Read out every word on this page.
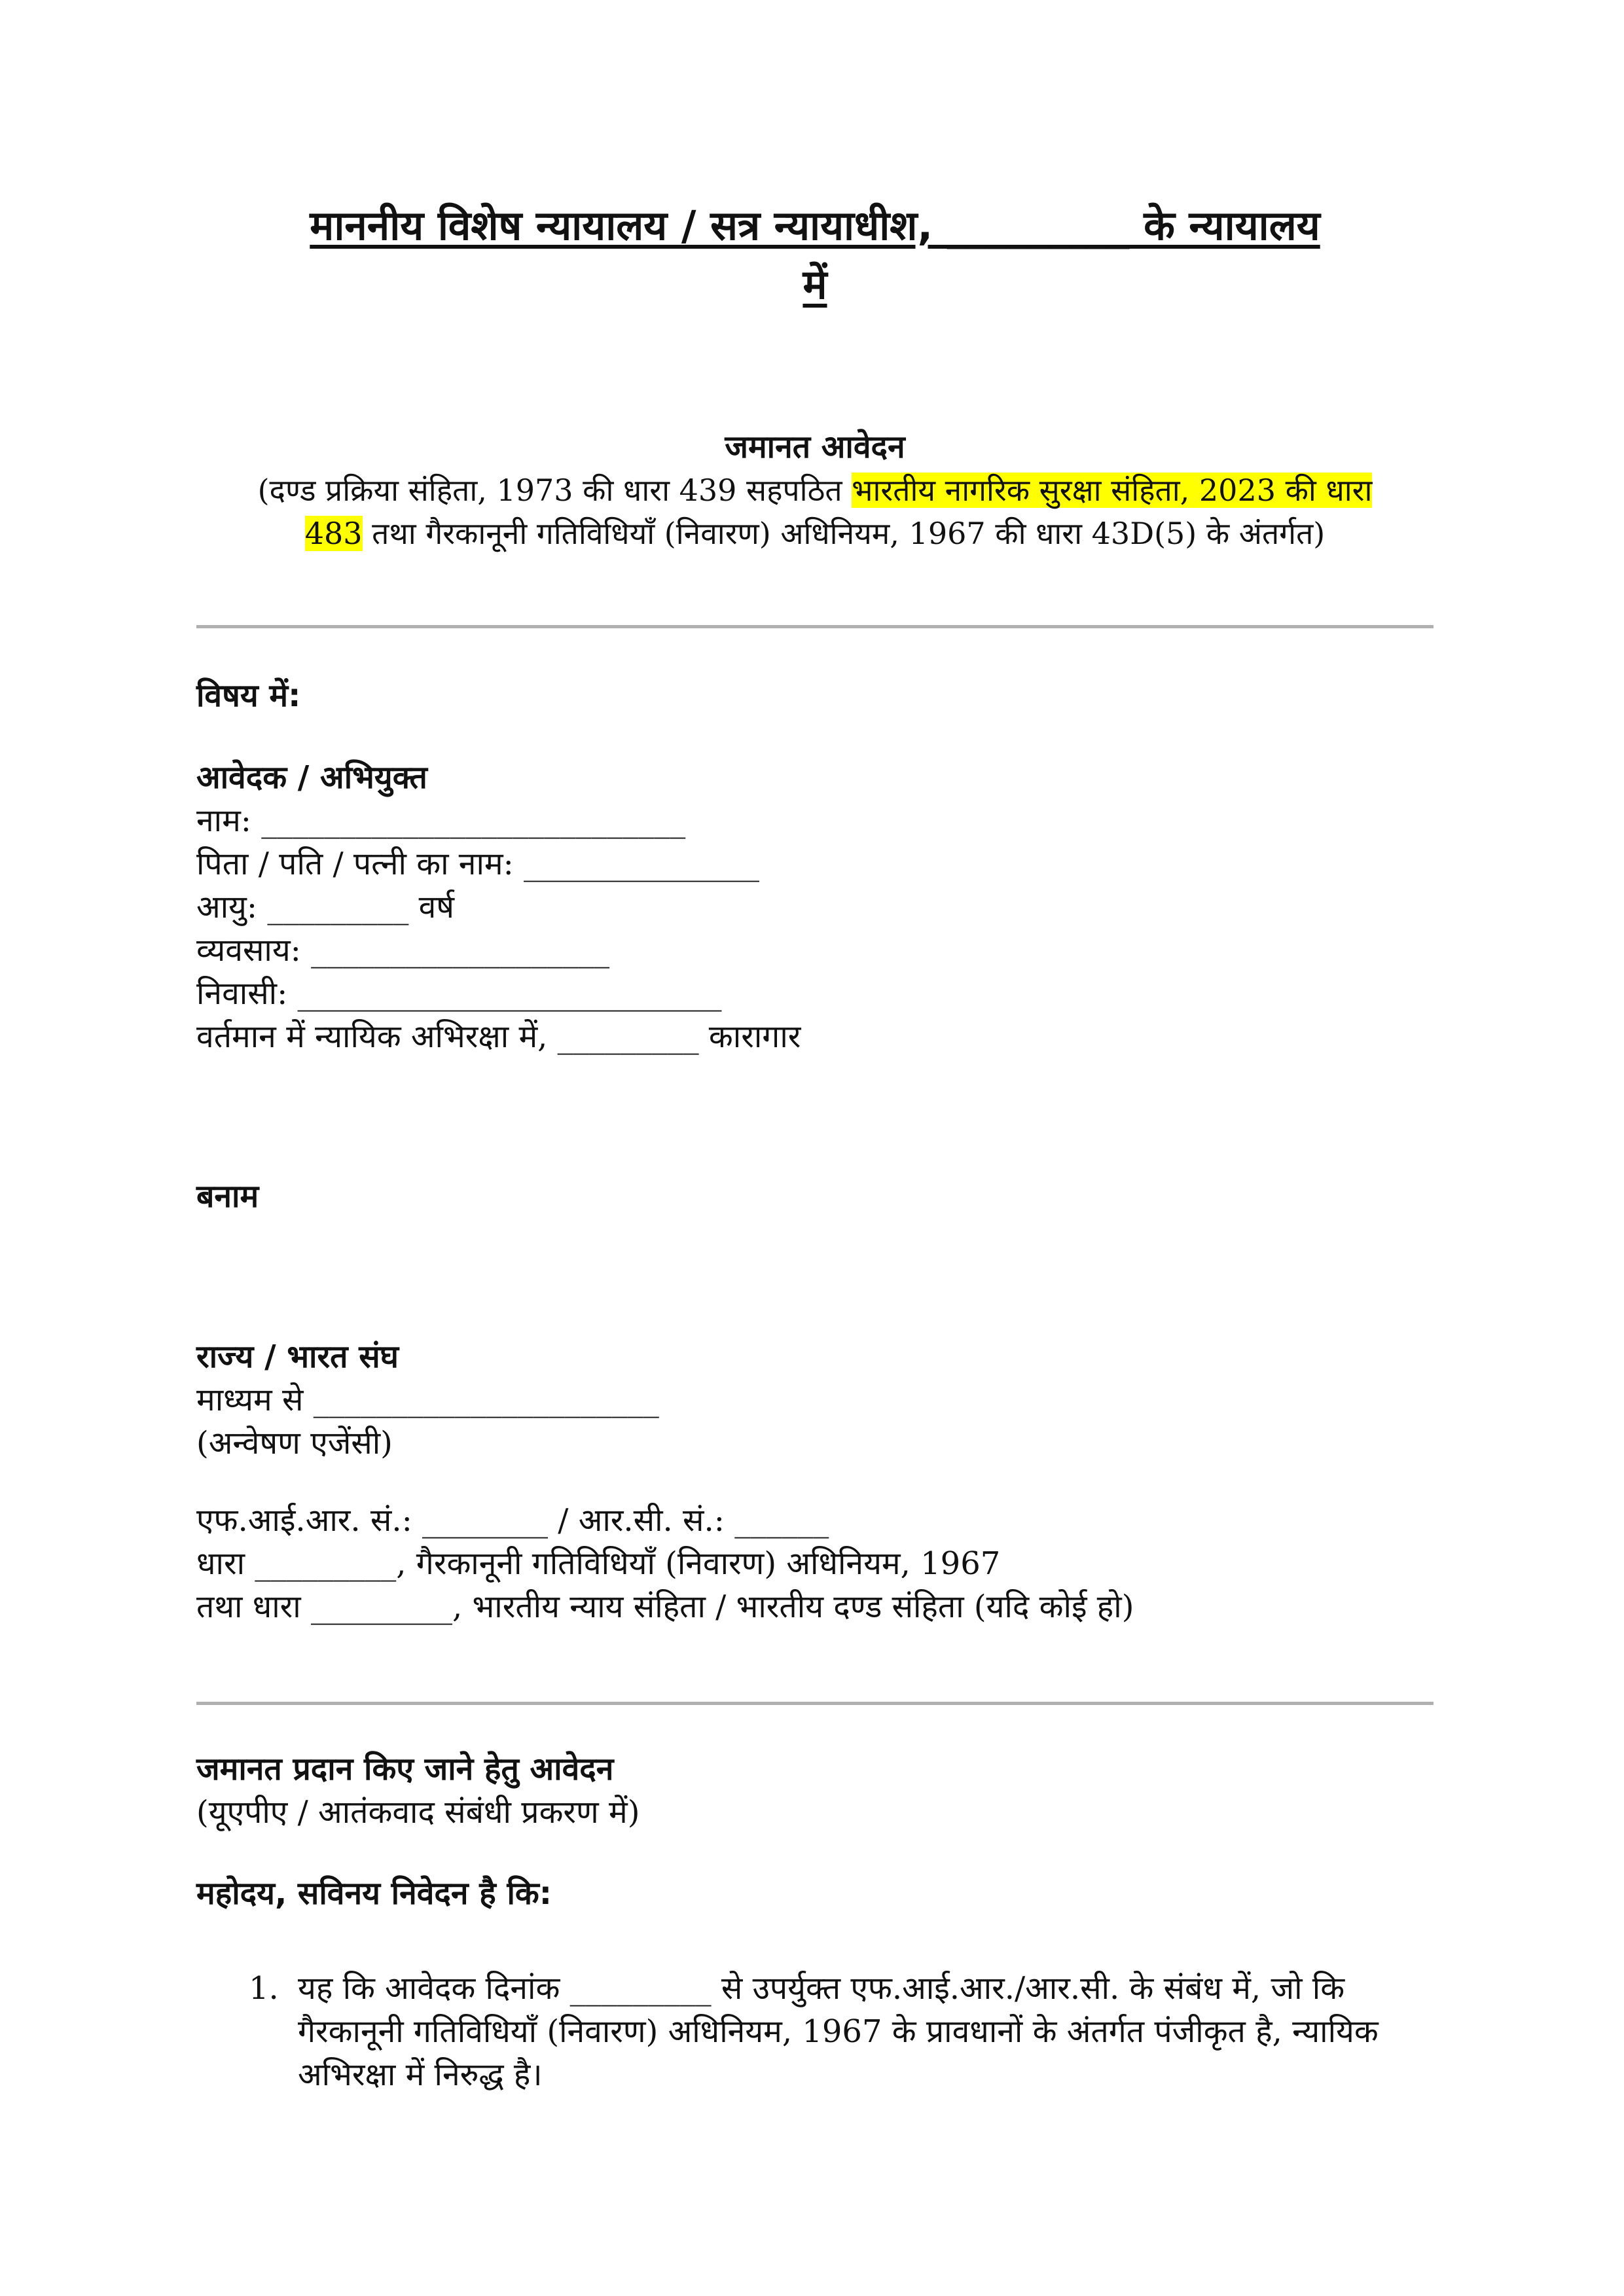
माननीय विशेष न्यायालय / सत्र न्यायाधीश, _________ के न्यायालय
में
जमानत आवेदन
(दण्ड प्रक्रिया संहिता, 1973 की धारा 439 सहपठित भारतीय नागरिक सुरक्षा संहिता, 2023 की धारा
483 तथा गैरकानूनी गतिविधियाँ (निवारण) अधिनियम, 1967 की धारा 43D(5) के अंतर्गत)
विषय में:
आवेदक / अभियुक्त
नाम: ___________________________
पिता / पति / पत्नी का नाम: _______________
आयु: _________ वर्ष
व्यवसाय: ___________________
निवासी: ___________________________
वर्तमान में न्यायिक अभिरक्षा में, _________ कारागार
बनाम
राज्य / भारत संघ
माध्यम से ______________________
(अन्वेषण एजेंसी)
एफ.आई.आर. सं.: ________ / आर.सी. सं.: ______
धारा _________, गैरकानूनी गतिविधियाँ (निवारण) अधिनियम, 1967
तथा धारा _________, भारतीय न्याय संहिता / भारतीय दण्ड संहिता (यदि कोई हो)
जमानत प्रदान किए जाने हेतु आवेदन
(यूएपीए / आतंकवाद संबंधी प्रकरण में)
महोदय, सविनय निवेदन है कि:
1. यह कि आवेदक दिनांक _________ से उपर्युक्त एफ.आई.आर./आर.सी. के संबंध में, जो कि गैरकानूनी गतिविधियाँ (निवारण) अधिनियम, 1967 के प्रावधानों के अंतर्गत पंजीकृत है, न्यायिक अभिरक्षा में निरुद्ध है।
